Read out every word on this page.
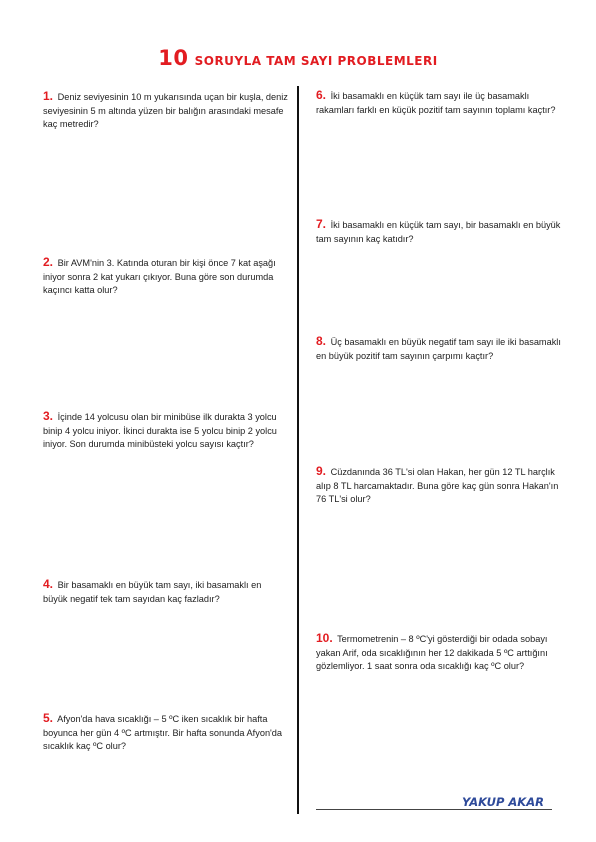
10 SORUYLA TAM SAYI PROBLEMLERI
1. Deniz seviyesinin 10 m yukarısında uçan bir kuşla, deniz seviyesinin 5 m altında yüzen bir balığın arasındaki mesafe kaç metredir?
2. Bir AVM'nin 3. Katında oturan bir kişi önce 7 kat aşağı iniyor sonra 2 kat yukarı çıkıyor. Buna göre son durumda kaçıncı katta olur?
3. İçinde 14 yolcusu olan bir minibüse ilk durakta 3 yolcu binip 4 yolcu iniyor. İkinci durakta ise 5 yolcu binip 2 yolcu iniyor. Son durumda minibüsteki yolcu sayısı kaçtır?
4. Bir basamaklı en büyük tam sayı, iki basamaklı en büyük negatif tek tam sayıdan kaç fazladır?
5. Afyon'da hava sıcaklığı – 5 ºC iken sıcaklık bir hafta boyunca her gün 4 ºC artmıştır. Bir hafta sonunda Afyon'da sıcaklık kaç ºC olur?
6. İki basamaklı en küçük tam sayı ile üç basamaklı rakamları farklı en küçük pozitif tam sayının toplamı kaçtır?
7. İki basamaklı en küçük tam sayı, bir basamaklı en büyük tam sayının kaç katıdır?
8. Üç basamaklı en büyük negatif tam sayı ile iki basamaklı en büyük pozitif tam sayının çarpımı kaçtır?
9. Cüzdanında 36 TL'si olan Hakan, her gün 12 TL harçlık alıp 8 TL harcamaktadır. Buna göre kaç gün sonra Hakan'ın 76 TL'si olur?
10. Termometrenin – 8 ºC'yi gösterdiği bir odada sobayı yakan Arif, oda sıcaklığının her 12 dakikada 5 ºC arttığını gözlemliyor. 1 saat sonra oda sıcaklığı kaç ºC olur?
YAKUP AKAR
